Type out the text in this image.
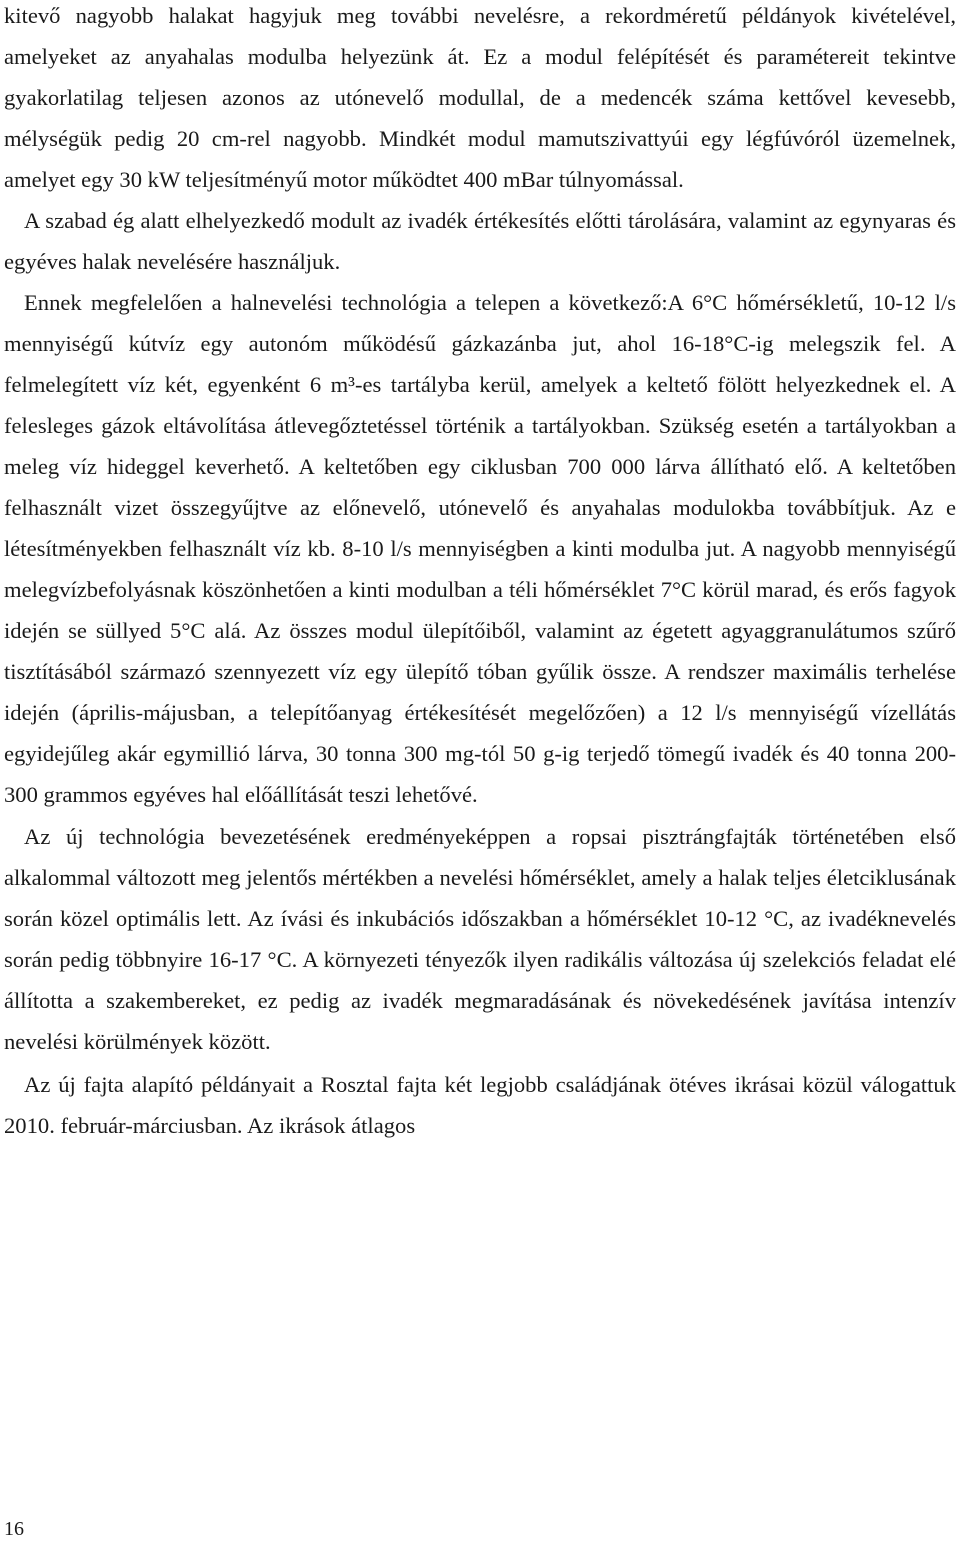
kitevő nagyobb halakat hagyjuk meg további nevelésre, a rekordméretű példányok kivételével, amelyeket az anyahalas modulba helyezünk át. Ez a modul felépítését és paramétereit tekintve gyakorlatilag teljesen azonos az utónevelő modullal, de a medencék száma kettővel kevesebb, mélységük pedig 20 cm-rel nagyobb. Mindkét modul mamutszivattyúi egy légfúvóról üzemelnek, amelyet egy 30 kW teljesítményű motor működtet 400 mBar túlnyomással.

A szabad ég alatt elhelyezkedő modult az ivadék értékesítés előtti tárolására, valamint az egynyaras és egyéves halak nevelésére használjuk.

Ennek megfelelően a halnevelési technológia a telepen a következő:A 6°C hőmérsékletű, 10-12 l/s mennyiségű kútvíz egy autonóm működésű gázkazánba jut, ahol 16-18°C-ig melegszik fel. A felmelegített víz két, egyenként 6 m³-es tartályba kerül, amelyek a keltető fölött helyezkednek el. A felesleges gázok eltávolítása átlevegőztetéssel történik a tartályokban. Szükség esetén a tartályokban a meleg víz hideggel keverhető. A keltetőben egy ciklusban 700 000 lárva állítható elő. A keltetőben felhasznált vizet összegyűjtve az előnevelő, utónevelő és anyahalas modulokba továbbítjuk. Az e létesítményekben felhasznált víz kb. 8-10 l/s mennyiségben a kinti modulba jut. A nagyobb mennyiségű melegvízbefolyásnak köszönhetően a kinti modulban a téli hőmérséklet 7°C körül marad, és erős fagyok idején se süllyed 5°C alá. Az összes modul ülepítőiből, valamint az égetett agyaggranulátumos szűrő tisztításából származó szennyezett víz egy ülepítő tóban gyűlik össze. A rendszer maximális terhelése idején (április-májusban, a telepítőanyag értékesítését megelőzően) a 12 l/s mennyiségű vízellátás egyidejűleg akár egymillió lárva, 30 tonna 300 mg-tól 50 g-ig terjedő tömegű ivadék és 40 tonna 200-300 grammos egyéves hal előállítását teszi lehetővé.

Az új technológia bevezetésének eredményeképpen a ropsai pisztrángfajták történetében első alkalommal változott meg jelentős mértékben a nevelési hőmérséklet, amely a halak teljes életciklusának során közel optimális lett. Az ívási és inkubációs időszakban a hőmérséklet 10-12 °C, az ivadéknevelés során pedig többnyire 16-17 °C. A környezeti tényezők ilyen radikális változása új szelekciós feladat elé állította a szakembereket, ez pedig az ivadék megmaradásának és növekedésének javítása intenzív nevelési körülmények között.

Az új fajta alapító példányait a Rosztal fajta két legjobb családjának ötéves ikrásai közül válogattuk 2010. február-márciusban. Az ikrások átlagos

16
